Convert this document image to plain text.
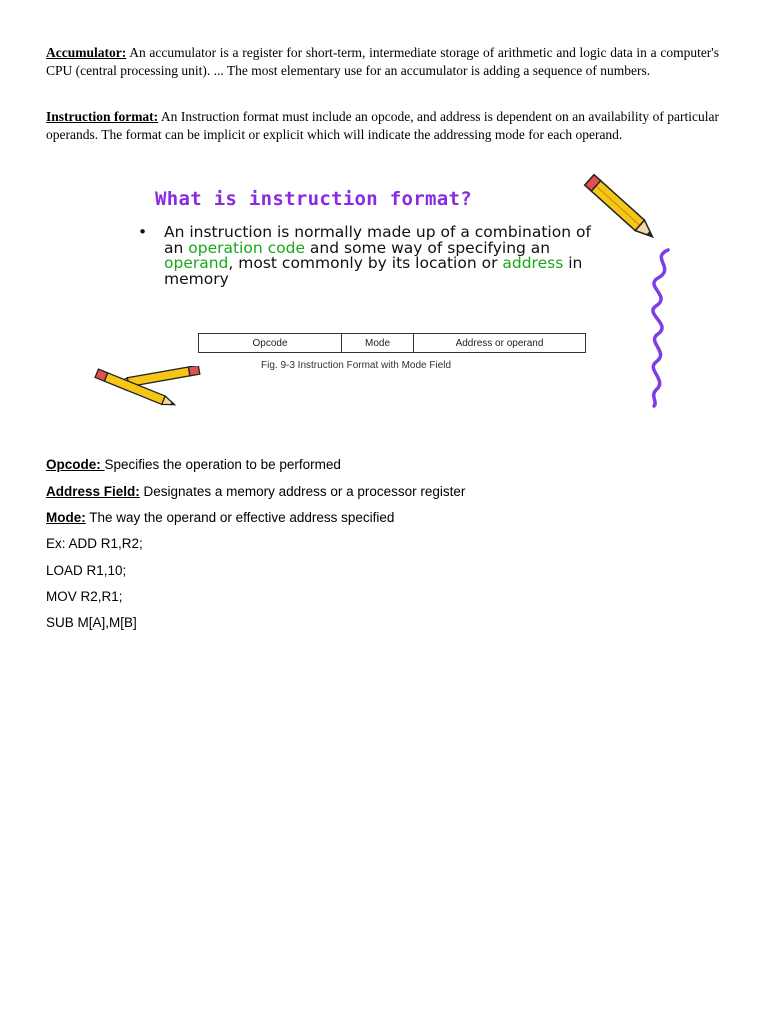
Accumulator: An accumulator is a register for short-term, intermediate storage of arithmetic and logic data in a computer's CPU (central processing unit). ... The most elementary use for an accumulator is adding a sequence of numbers.

Instruction format: An Instruction format must include an opcode, and address is dependent on an availability of particular operands. The format can be implicit or explicit which will indicate the addressing mode for each operand.

What is instruction format?

•	An instruction is normally made up of a combination of an operation code and some way of specifying an operand, most commonly by its location or address in memory

Opcode	Mode	Address or operand

Fig. 9-3 Instruction Format with Mode Field

Opcode: Specifies the operation to be performed

Address Field: Designates a memory address or a processor register

Mode: The way the operand or effective address specified

Ex: ADD R1,R2;

LOAD R1,10;

MOV R2,R1;

SUB M[A],M[B]
